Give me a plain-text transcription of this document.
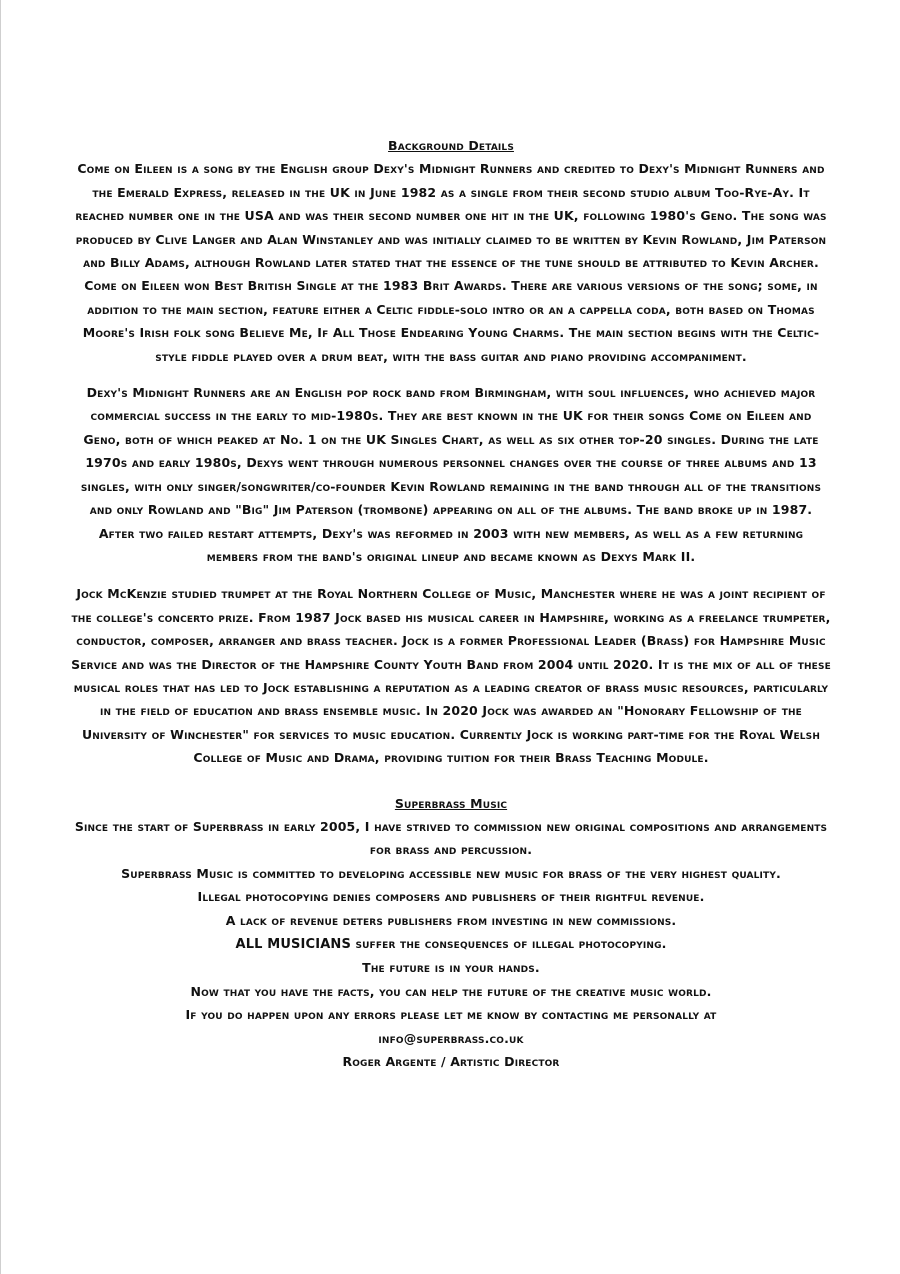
Background Details

Come on Eileen is a song by the English group Dexy's Midnight Runners and credited to Dexy's Midnight Runners and the Emerald Express, released in the UK in June 1982 as a single from their second studio album Too-Rye-Ay. It reached number one in the USA and was their second number one hit in the UK, following 1980's Geno. The song was produced by Clive Langer and Alan Winstanley and was initially claimed to be written by Kevin Rowland, Jim Paterson and Billy Adams, although Rowland later stated that the essence of the tune should be attributed to Kevin Archer. Come on Eileen won Best British Single at the 1983 Brit Awards. There are various versions of the song; some, in addition to the main section, feature either a Celtic fiddle-solo intro or an a cappella coda, both based on Thomas Moore's Irish folk song Believe Me, If All Those Endearing Young Charms. The main section begins with the Celtic-style fiddle played over a drum beat, with the bass guitar and piano providing accompaniment.

Dexy's Midnight Runners are an English pop rock band from Birmingham, with soul influences, who achieved major commercial success in the early to mid-1980s. They are best known in the UK for their songs Come on Eileen and Geno, both of which peaked at No. 1 on the UK Singles Chart, as well as six other top-20 singles. During the late 1970s and early 1980s, Dexys went through numerous personnel changes over the course of three albums and 13 singles, with only singer/songwriter/co-founder Kevin Rowland remaining in the band through all of the transitions and only Rowland and "Big" Jim Paterson (trombone) appearing on all of the albums. The band broke up in 1987. After two failed restart attempts, Dexy's was reformed in 2003 with new members, as well as a few returning members from the band's original lineup and became known as Dexys Mark II.

Jock McKenzie studied trumpet at the Royal Northern College of Music, Manchester where he was a joint recipient of the college's concerto prize. From 1987 Jock based his musical career in Hampshire, working as a freelance trumpeter, conductor, composer, arranger and brass teacher. Jock is a former Professional Leader (Brass) for Hampshire Music Service and was the Director of the Hampshire County Youth Band from 2004 until 2020. It is the mix of all of these musical roles that has led to Jock establishing a reputation as a leading creator of brass music resources, particularly in the field of education and brass ensemble music. In 2020 Jock was awarded an "Honorary Fellowship of the University of Winchester" for services to music education. Currently Jock is working part-time for the Royal Welsh College of Music and Drama, providing tuition for their Brass Teaching Module.

Superbrass Music

Since the start of Superbrass in early 2005, I have strived to commission new original compositions and arrangements for brass and percussion.
Superbrass Music is committed to developing accessible new music for brass of the very highest quality.
Illegal photocopying denies composers and publishers of their rightful revenue.
A lack of revenue deters publishers from investing in new commissions.
ALL MUSICIANS suffer the consequences of illegal photocopying.
The future is in your hands.
Now that you have the facts, you can help the future of the creative music world.
If you do happen upon any errors please let me know by contacting me personally at
info@superbrass.co.uk
Roger Argente / Artistic Director
